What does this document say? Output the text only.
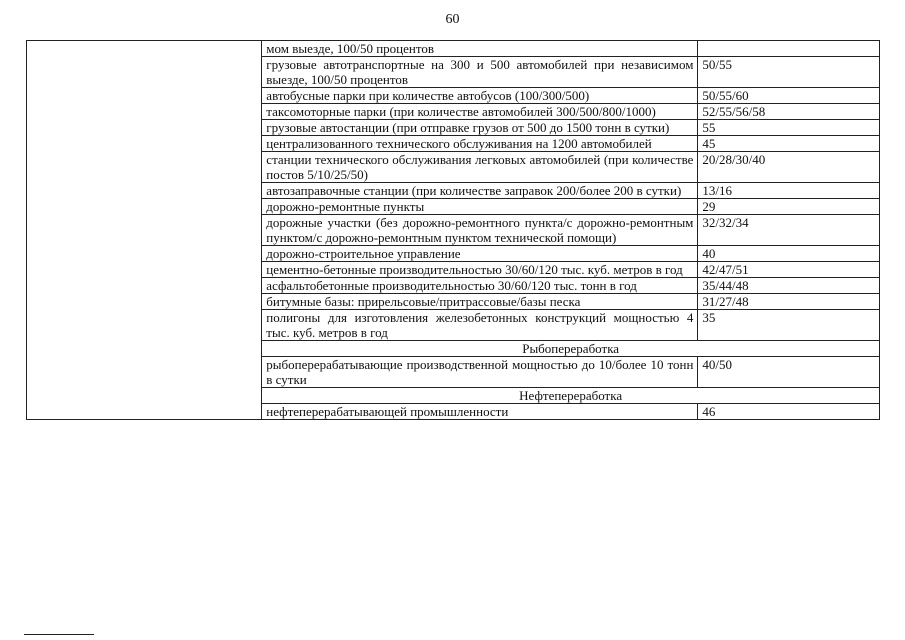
60
	мом выезде, 100/50 процентов	
	грузовые автотранспортные на 300 и 500 автомобилей при независимом выезде, 100/50 процентов	50/55
	автобусные парки при количестве автобусов (100/300/500)	50/55/60
	таксомоторные парки (при количестве автомобилей 300/500/800/1000)	52/55/56/58
	грузовые автостанции (при отправке грузов от 500 до 1500 тонн в сутки)	55
	централизованного технического обслуживания на 1200 автомобилей	45
	станции технического обслуживания легковых автомобилей (при количестве постов 5/10/25/50)	20/28/30/40
	автозаправочные станции (при количестве заправок 200/более 200 в сутки)	13/16
	дорожно-ремонтные пункты	29
	дорожные участки (без дорожно-ремонтного пункта/с дорожно-ремонтным пунктом/с дорожно-ремонтным пунктом технической помощи)	32/32/34
	дорожно-строительное управление	40
	цементно-бетонные производительностью 30/60/120 тыс. куб. метров в год	42/47/51
	асфальтобетонные производительностью 30/60/120 тыс. тонн в год	35/44/48
	битумные базы: прирельсовые/притрассовые/базы песка	31/27/48
	полигоны для изготовления железобетонных конструкций мощностью 4 тыс. куб. метров в год	35
	Рыбопереработка	
	рыбоперерабатывающие производственной мощностью до 10/более 10 тонн в сутки	40/50
	Нефтепереработка	
	нефтеперерабатывающей промышленности	46
